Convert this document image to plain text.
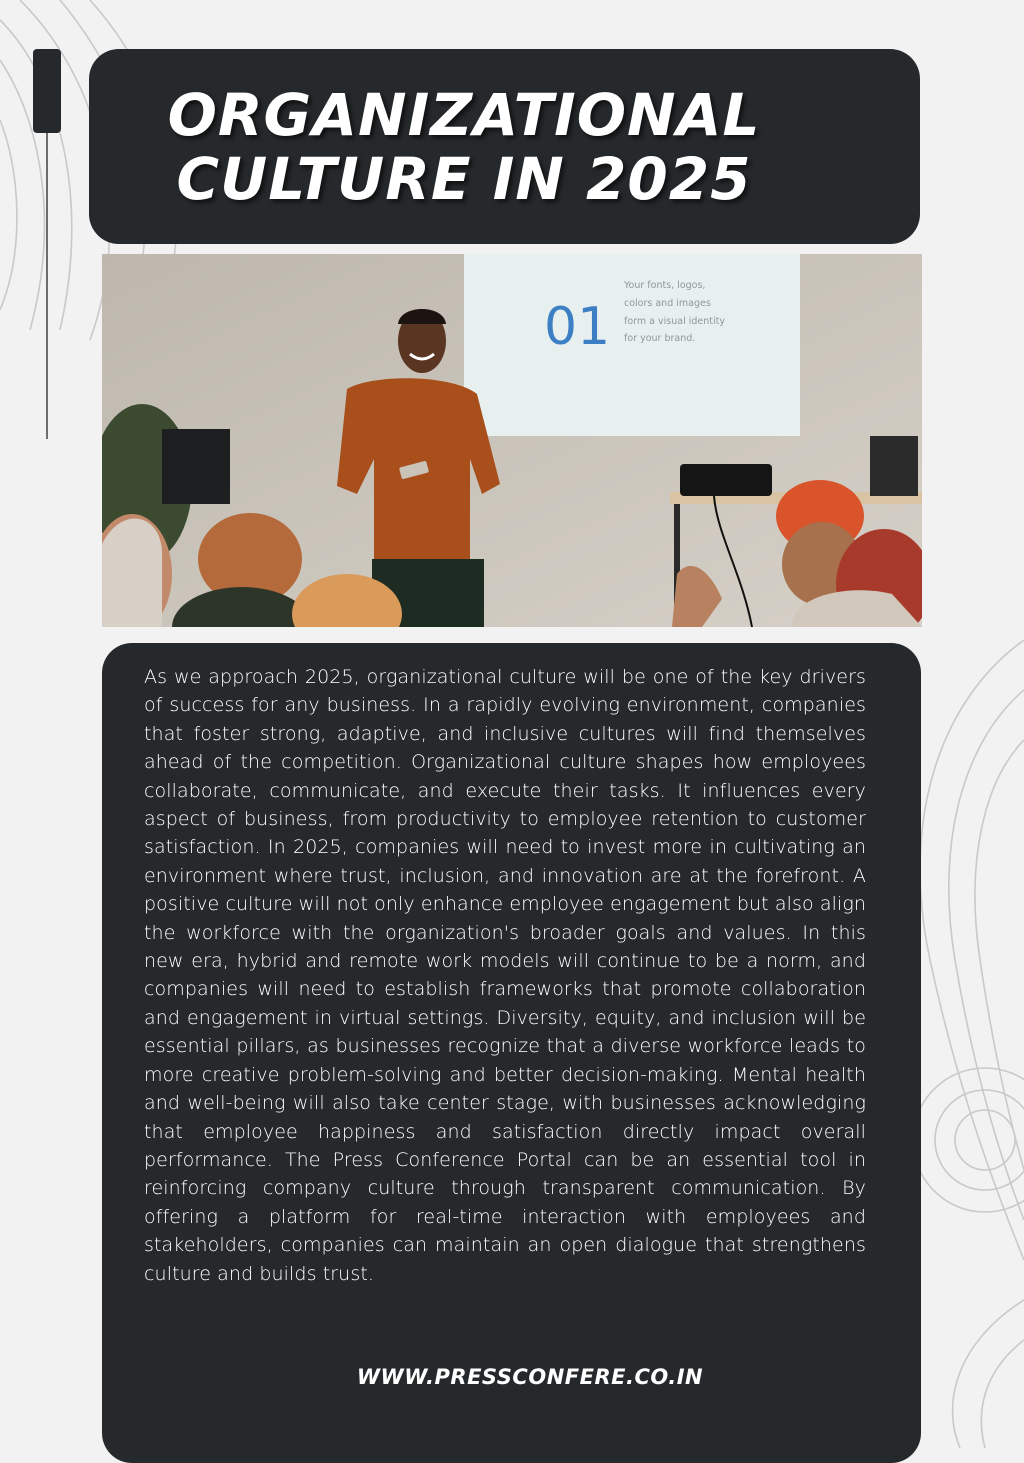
ORGANIZATIONAL
CULTURE IN 2025
01
Your fonts, logos,
colors and images
form a visual identity
for your brand.

As we approach 2025, organizational culture will be one of the key drivers of success for any business. In a rapidly evolving environment, companies that foster strong, adaptive, and inclusive cultures will find themselves ahead of the competition. Organizational culture shapes how employees collaborate, communicate, and execute their tasks. It influences every aspect of business, from productivity to employee retention to customer satisfaction. In 2025, companies will need to invest more in cultivating an environment where trust, inclusion, and innovation are at the forefront. A positive culture will not only enhance employee engagement but also align the workforce with the organization's broader goals and values. In this new era, hybrid and remote work models will continue to be a norm, and companies will need to establish frameworks that promote collaboration and engagement in virtual settings. Diversity, equity, and inclusion will be essential pillars, as businesses recognize that a diverse workforce leads to more creative problem-solving and better decision-making. Mental health and well-being will also take center stage, with businesses acknowledging that employee happiness and satisfaction directly impact overall performance. The Press Conference Portal can be an essential tool in reinforcing company culture through transparent communication. By offering a platform for real-time interaction with employees and stakeholders, companies can maintain an open dialogue that strengthens culture and builds trust.

WWW.PRESSCONFERE.CO.IN
